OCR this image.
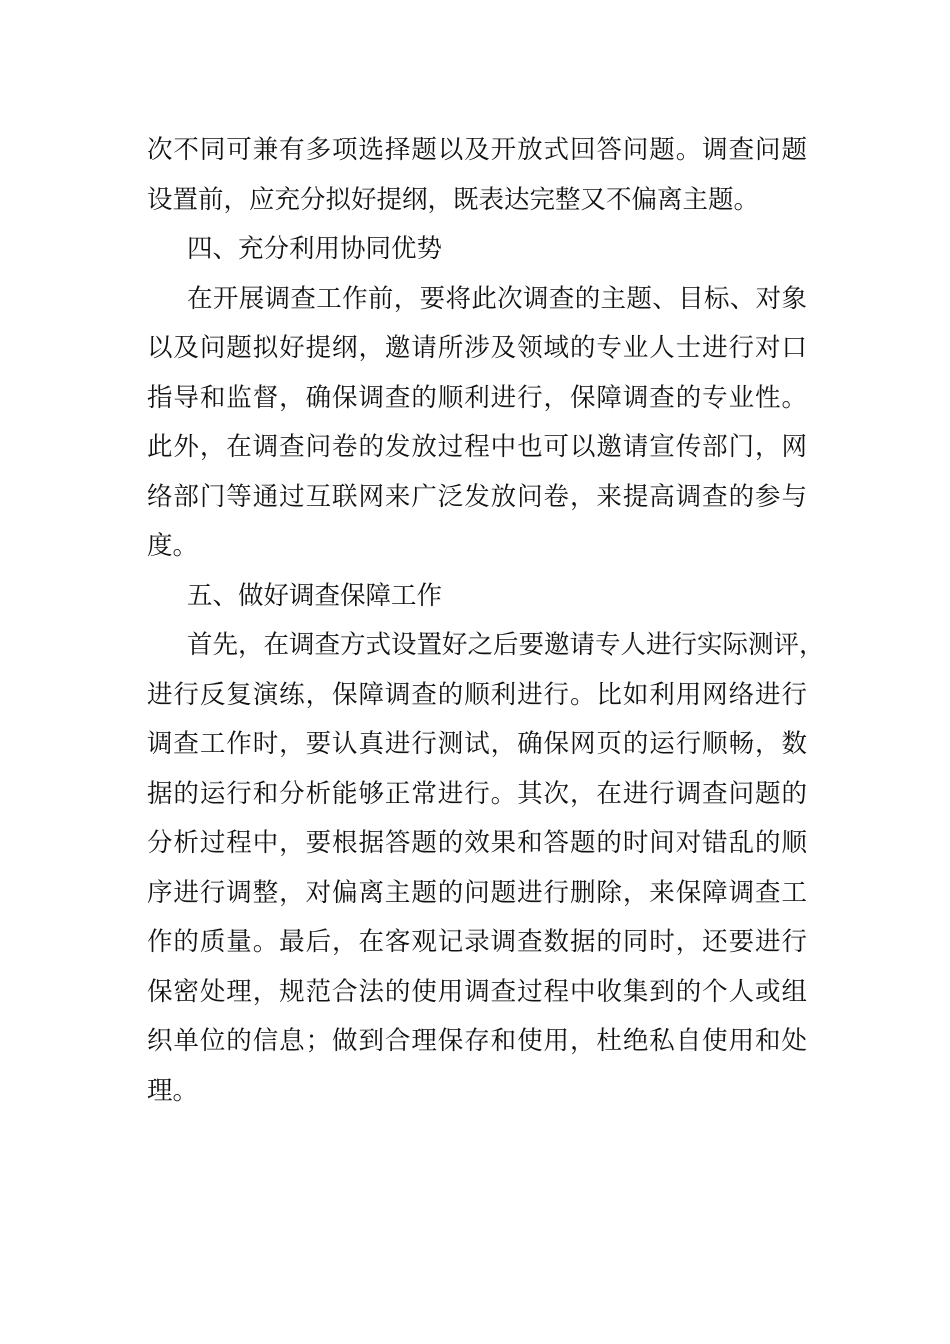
次不同可兼有多项选择题以及开放式回答问题。调查问题
设置前，应充分拟好提纲，既表达完整又不偏离主题。
四、充分利用协同优势
在开展调查工作前，要将此次调查的主题、目标、对象
以及问题拟好提纲，邀请所涉及领域的专业人士进行对口
指导和监督，确保调查的顺利进行，保障调查的专业性。
此外，在调查问卷的发放过程中也可以邀请宣传部门，网
络部门等通过互联网来广泛发放问卷，来提高调查的参与
度。
五、做好调查保障工作
首先，在调查方式设置好之后要邀请专人进行实际测评，
进行反复演练，保障调查的顺利进行。比如利用网络进行
调查工作时，要认真进行测试，确保网页的运行顺畅，数
据的运行和分析能够正常进行。其次，在进行调查问题的
分析过程中，要根据答题的效果和答题的时间对错乱的顺
序进行调整，对偏离主题的问题进行删除，来保障调查工
作的质量。最后，在客观记录调查数据的同时，还要进行
保密处理，规范合法的使用调查过程中收集到的个人或组
织单位的信息；做到合理保存和使用，杜绝私自使用和处
理。
